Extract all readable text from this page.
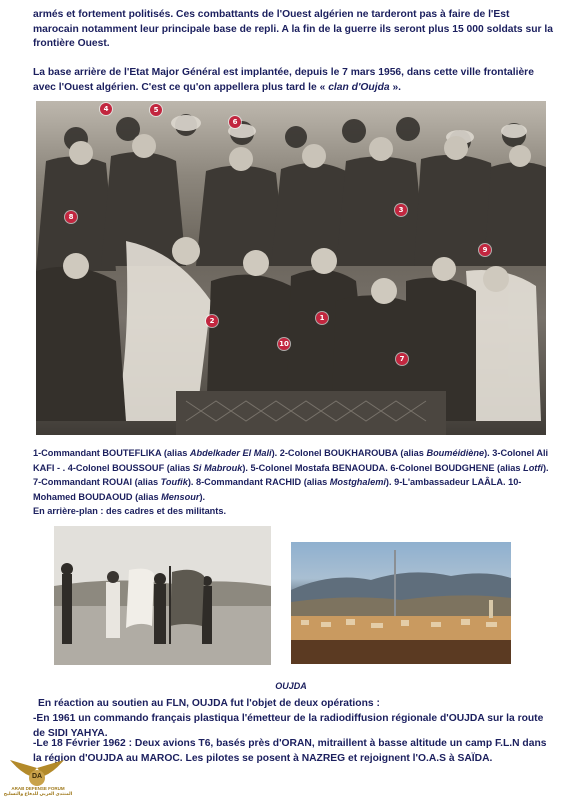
armés et fortement politisés. Ces combattants de l'Ouest algérien ne tarderont pas à faire de l'Est marocain notamment leur principale base de repli. A la fin de la guerre ils seront plus 15 000 soldats sur la frontière Ouest.

La base arrière de l'Etat Major Général est implantée, depuis le 7 mars 1956, dans cette ville frontalière avec l'Ouest algérien. C'est ce qu'on appellera plus tard le « clan d'Oujda ».

4	5
6
8
3
9
2	1
10
7

1-Commandant BOUTEFLIKA (alias Abdelkader El Mali). 2-Colonel BOUKHAROUBA (alias Bouméidiène). 3-Colonel Ali KAFI - . 4-Colonel BOUSSOUF (alias Si Mabrouk). 5-Colonel Mostafa BENAOUDA. 6-Colonel BOUDGHENE (alias Lotfi). 7-Commandant ROUAI (alias Toufik). 8-Commandant RACHID (alias Mostghalemi). 9-L'ambassadeur LAÂLA. 10- Mohamed BOUDAOUD (alias Mensour).
En arrière-plan : des cadres et des militants.

OUJDA

En réaction au soutien au FLN, OUJDA fut l'objet de deux opérations :

-En 1961 un commando français plastiqua l'émetteur de la radiodiffusion régionale d'OUJDA sur la route de SIDI YAHYA.

-Le 18 Février 1962 : Deux avions T6, basés près d'ORAN, mitraillent à basse altitude un camp F.L.N dans la région d'OUJDA au MAROC. Les pilotes se posent à NAZREG et rejoignent l'O.A.S à SAÏDA.

DA
ARAB DEFENSE FORUM
المنتدى العربي للدفاع والتسليح
